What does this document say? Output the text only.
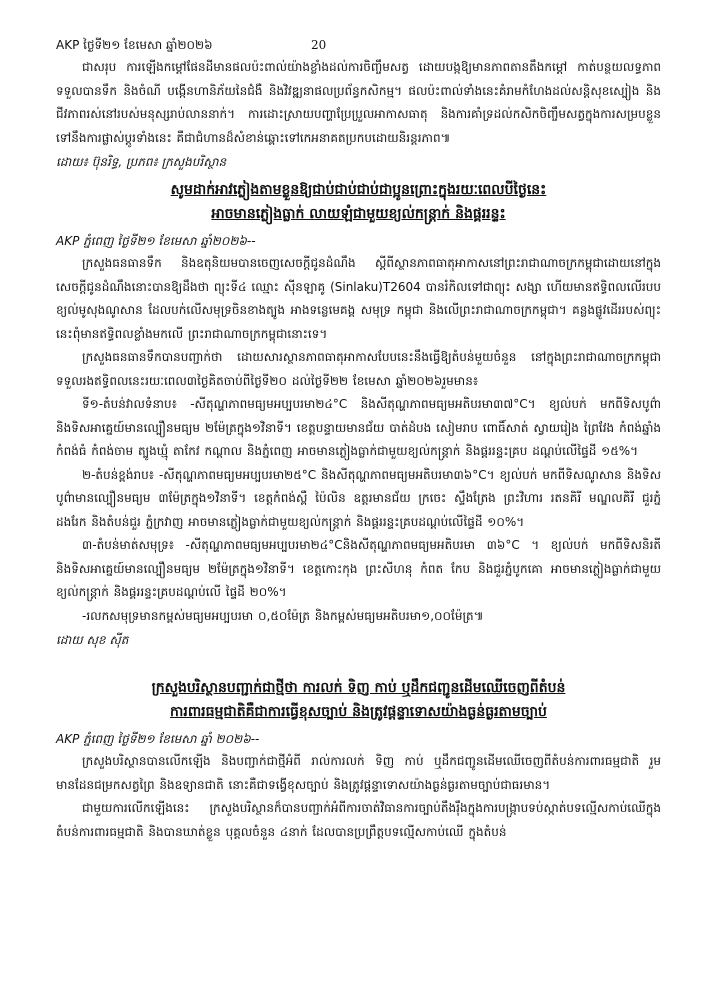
AKP ថ្ងៃទី២១ ខែមេសា ឆ្នាំ២០២៦	20

ជាសរុប ការឡើងកម្តៅផែនដីមានផលប៉ះពាល់យ៉ាងខ្លាំងដល់ការចិញ្ចឹមសត្វ ដោយបង្កឱ្យមានភាពតានតឹងកម្តៅ កាត់បន្ថយលទ្ធភាពទទួលបានទឹក និងចំណី បង្កើនហានិភ័យនៃជំងឺ និងវិវឌ្ឍនាផលប្រព័ន្ធកសិកម្ម។ ផលប៉ះពាល់ទាំងនេះគំរាមកំហែងដល់សន្តិសុខស្បៀង និងជីវភាពរស់នៅរបស់មនុស្សរាប់លាននាក់។ ការដោះស្រាយបញ្ហាប្រែប្រួលអាកាសធាតុ និងការគាំទ្រដល់កសិកចិញ្ចឹមសត្វក្នុងការសម្របខ្លួនទៅនឹងការផ្លាស់ប្តូរទាំងនេះ គឺជាជំហានដ៏សំខាន់ឆ្ពោះទៅកេអនាគតប្រកបដោយនិរន្តរភាព៕

ដោយ៖ ប៊ុនរិទ្ធ, ប្រភព៖ ក្រសួងបរិស្ថាន
សូមដាក់អាវភ្លៀងតាមខ្លួនឱ្យជាប់ជាប់ជាប់ជាប្អូនព្រោះក្នុងរយៈពេលបីថ្ងៃនេះ
អាចមានភ្លៀងធ្លាក់ លាយឡំជាមួយខ្យល់កន្ត្រាក់ និងផ្គររន្ទះ
AKP ភ្នំពេញ ថ្ងៃទី២១ ខែមេសា ឆ្នាំ២០២៦--

ក្រសួងធនធានទឹក និងឧតុនិយមបានចេញសេចក្តីជូនដំណឹង ស្តីពីស្ថានភាពធាតុអាកាសនៅព្រះរាជាណាចក្រកម្ពុជាដោយនៅក្នុងសេចក្តីជូនដំណឹងនោះបានឱ្យដឹងថា ព្យុះទី៤ ឈ្មោះ ស៊ីនឡាគូ (Sinlaku)T2604 បានរំកិលទៅជាព្យុះ សង្សា ហើយមានឥទ្ធិពលលើរបបខ្យល់មូសុងណូសាន ដែលបក់លើសមុទ្រចិនខាងត្បូង អាងទន្លេមេគង្គ សមុទ្រ កម្ពុជា និងលើព្រះរាជាណាចក្រកម្ពុជា។ គន្លងផ្លូវដើររបស់ព្យុះនេះពុំមានឥទ្ធិពលខ្លាំងមកលើ ព្រះរាជាណាចក្រកម្ពុជានោះទេ។

ក្រសួងធនធានទឹកបានបញ្ជាក់ថា ដោយសារស្ថានភាពធាតុអាកាសបែបនេះនឹងធ្វើឱ្យតំបន់មួយចំនួន នៅក្នុងព្រះរាជាណាចក្រកម្ពុជាទទួលរងឥទ្ធិពលនេះរយៈពេល៣ថ្ងៃគិតចាប់ពីថ្ងៃទី២០ ដល់ថ្ងៃទី២២ ខែមេសា ឆ្នាំ២០២៦រួមមាន៖

ទី១-តំបន់វាលទំនាប៖ -សីតុណ្ហភាពមធ្យមអប្បបរមា២៤°C និងសីតុណ្ហភាពមធ្យមអតិបរមា៣៧°C។ ខ្យល់បក់ មកពីទិសបូព៌ា និងទិសអាគ្នេយ៍មានល្បឿនមធ្យម ២ម៉ែត្រក្នុង១វិនាទី។ ខេត្តបន្ទាយមានជ័យ បាត់ដំបង សៀមរាប ពោធិ៍សាត់ ស្វាយរៀង ព្រៃវែង កំពង់ឆ្នាំង កំពង់ធំ កំពង់ចាម ត្បូងឃ្មុំ តាកែវ កណ្តាល និងភ្នំពេញ អាចមានភ្លៀងធ្លាក់ជាមួយខ្យល់កន្ត្រាក់ និងផ្គររន្ទះគ្រប ដណ្តប់លើផ្ទៃដី ១៥%។

២-តំបន់ខ្ពង់រាប៖ -សីតុណ្ហភាពមធ្យមអប្បបរមា២៥°C និងសីតុណ្ហភាពមធ្យមអតិបរមា៣៦°C។ ខ្យល់បក់ មកពីទិសណូសាន និងទិសបូព៌ាមានល្បឿនមធ្យម ៣ម៉ែត្រក្នុង១វិនាទី។ ខេត្តកំពង់ស្ពឺ ប៉ៃលិន ឧត្តរមានជ័យ ក្រចេះ ស្ទឹងត្រែង ព្រះវិហារ រតនគិរី មណ្ឌលគិរី ជួរភ្នំដងរែក និងតំបន់ជួរ ភ្នំក្រវាញ អាចមានភ្លៀងធ្លាក់ជាមួយខ្យល់កន្ត្រាក់ និងផ្គររន្ទះគ្របដណ្តប់លើផ្ទៃដី ១០%។

៣-តំបន់មាត់សមុទ្រ៖ -សីតុណ្ហភាពមធ្យមអប្បបរមា២៤°Cនិងសីតុណ្ហភាពមធ្យមអតិបរមា ៣៦°C ។ ខ្យល់បក់ មកពីទិសនិរតី និងទិសអាគ្នេយ៍មានល្បឿនមធ្យម ២ម៉ែត្រក្នុង១វិនាទី។ ខេត្តកោះកុង ព្រះសីហនុ កំពត កែប និងជួរភ្នំបូកគោ អាចមានភ្លៀងធ្លាក់ជាមួយខ្យល់កន្ត្រាក់ និងផ្គររន្ទះគ្របដណ្តប់លើ ផ្ទៃដី ២០%។

-រលកសមុទ្រមានកម្ពស់មធ្យមអប្បបរមា ០,៥០ម៉ែត្រ និងកម្ពស់មធ្យមអតិបរមា១,០០ម៉ែត្រ៕

ដោយ សុខ ស៊ីត
ក្រសួងបរិស្ថានបញ្ជាក់ជាថ្មីថា ការលក់ ទិញ កាប់ ឬដឹកជញ្ជូនដើមឈើចេញពីតំបន់
ការពារធម្មជាតិគឺជាការធ្វើខុសច្បាប់ និងត្រូវផ្តន្ទាទោសយ៉ាងធ្ងន់ធ្ងរតាមច្បាប់
AKP ភ្នំពេញ ថ្ងៃទី២១ ខែមេសា ឆ្នាំ ២០២៦--

ក្រសួងបរិស្ថានបានលើកឡើង និងបញ្ជាក់ជាថ្មីអំពី រាល់ការលក់ ទិញ កាប់ ឬដឹកជញ្ជូនដើមឈើចេញពីតំបន់ការពារធម្មជាតិ រួមមានដែនជម្រកសត្វព្រៃ និងឧទ្យានជាតិ នោះគឺជាទង្វើខុសច្បាប់ និងត្រូវផ្តន្ទាទោសយ៉ាងធ្ងន់ធ្ងរតាមច្បាប់ជាធរមាន។

ជាមួយការលើកឡើងនេះ ក្រសួងបរិស្ថានក៏បានបញ្ជាក់អំពីការចាត់វិធានការច្បាប់តឹងរ៉ឹងក្នុងការបង្ក្រាបទប់ស្កាត់បទល្មើសកាប់ឈើក្នុងតំបន់ការពារធម្មជាតិ និងបានឃាត់ខ្លួន បុគ្គលចំនួន ៤នាក់ ដែលបានប្រព្រឹត្តបទល្មើសកាប់ឈើ ក្នុងតំបន់
